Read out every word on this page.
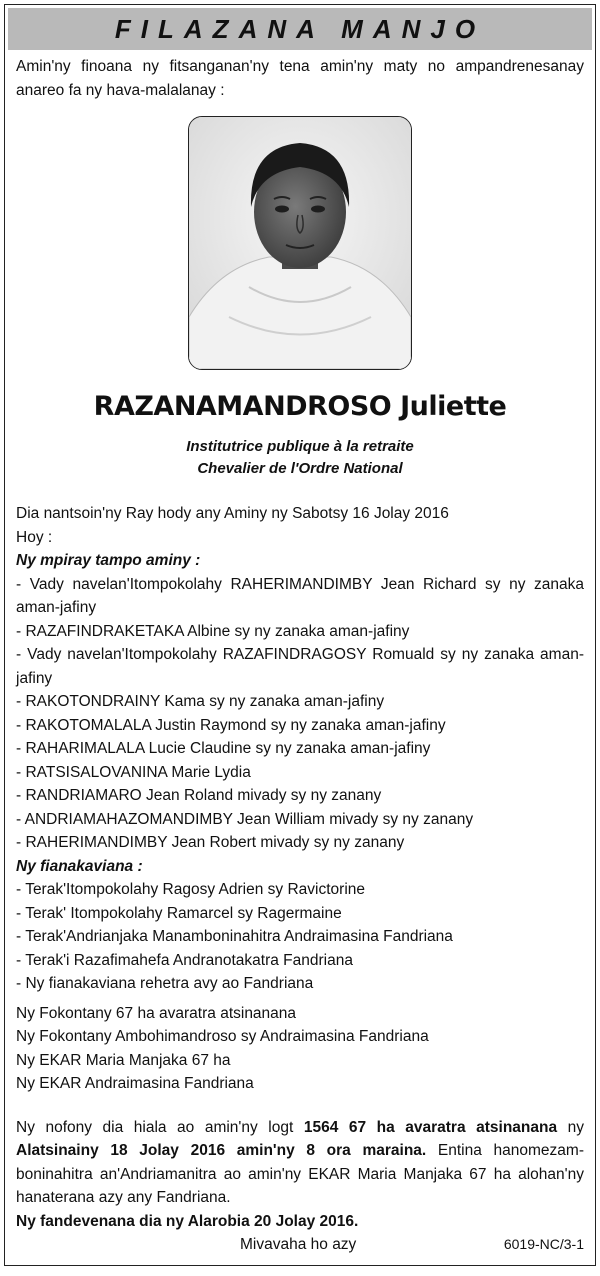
FILAZANA MANJO

Amin'ny finoana ny fitsanganan'ny tena amin'ny maty no ampandrenesanay anareo fa ny hava-malalanay :

RAZANAMANDROSO Juliette
Institutrice publique à la retraite
Chevalier de l'Ordre National
Dia nantsoin'ny Ray hody any Aminy ny Sabotsy 16 Jolay 2016
Hoy :
Ny mpiray tampo aminy :
- Vady navelan'Itompokolahy RAHERIMANDIMBY Jean Richard sy ny zanaka aman-jafiny
- RAZAFINDRAKETAKA Albine sy ny zanaka aman-jafiny
- Vady navelan'Itompokolahy RAZAFINDRAGOSY Romuald sy ny zanaka aman-jafiny
- RAKOTONDRAINY Kama sy ny zanaka aman-jafiny
- RAKOTOMALALA Justin Raymond sy ny zanaka aman-jafiny
- RAHARIMALALA Lucie Claudine sy ny zanaka aman-jafiny
- RATSISALOVANINA Marie Lydia
- RANDRIAMARO Jean Roland mivady sy ny zanany
- ANDRIAMAHAZOMANDIMBY Jean William mivady sy ny zanany
- RAHERIMANDIMBY Jean Robert mivady sy ny zanany
Ny fianakaviana :
- Terak'Itompokolahy Ragosy Adrien sy Ravictorine
- Terak' Itompokolahy Ramarcel sy Ragermaine
- Terak'Andrianjaka Manamboninahitra Andraimasina Fandriana
- Terak'i Razafimahefa Andranotakatra Fandriana
- Ny fianakaviana rehetra avy ao Fandriana
Ny Fokontany 67 ha avaratra atsinanana
Ny Fokontany Ambohimandroso sy Andraimasina Fandriana
Ny EKAR Maria Manjaka 67 ha
Ny EKAR Andraimasina Fandriana
Ny nofony dia hiala ao amin'ny logt 1564 67 ha avaratra atsinanana ny Alatsinainy 18 Jolay 2016 amin'ny 8 ora maraina. Entina hanomezam-boninahitra an'Andriamanitra ao amin'ny EKAR Maria Manjaka 67 ha alohan'ny hanaterana azy any Fandriana.
Ny fandevenana dia ny Alarobia 20 Jolay 2016.
Mivavaha ho azy	6019-NC/3-1
